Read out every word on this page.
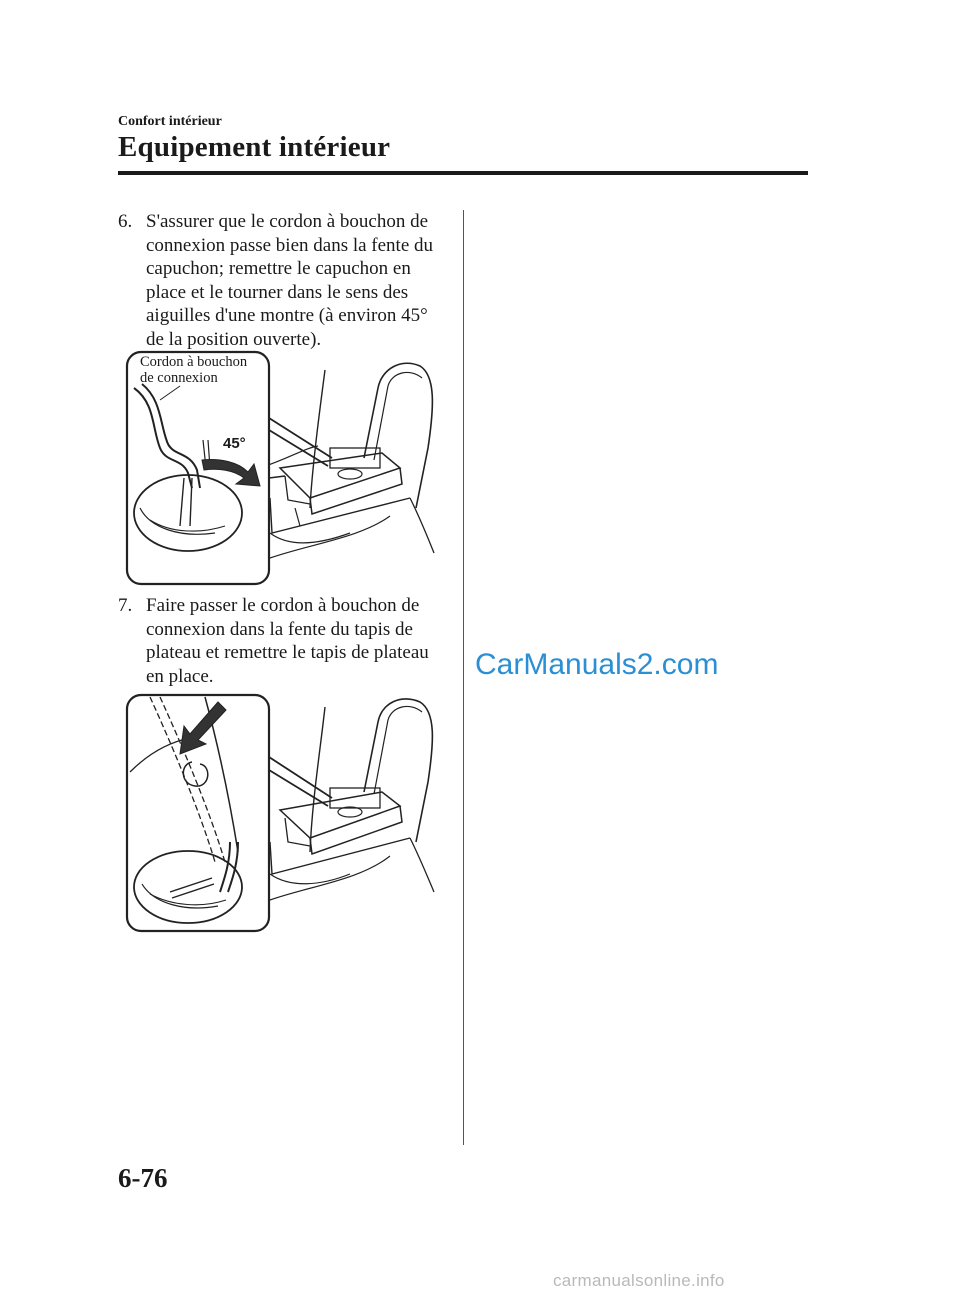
Confort intérieur
Equipement intérieur
6. S'assurer que le cordon à bouchon de
connexion passe bien dans la fente du
capuchon; remettre le capuchon en
place et le tourner dans le sens des
aiguilles d'une montre (à environ 45°
de la position ouverte).
Cordon à bouchon
de connexion
45°
7. Faire passer le cordon à bouchon de
connexion dans la fente du tapis de
plateau et remettre le tapis de plateau
en place.	CarManuals2.com
6-76
carmanualsonline.info
